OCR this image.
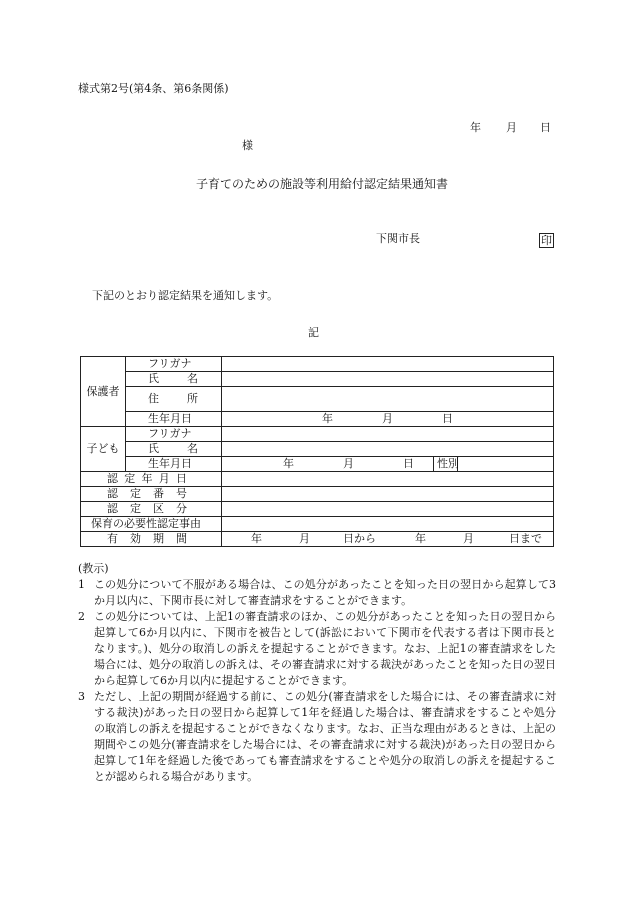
様式第2号(第4条、第6条関係)
年 月 日
様
子育てのための施設等利用給付認定結果通知書
下関市長	印
下記のとおり認定結果を通知します。
記
保護者	フリガナ			
	氏　名			
	住　所			
	生年月日	年 月 日		
子ども	フリガナ			
	氏　名			
	生年月日	年 月 日	性別	
認定年月日				
認定番号				
認定区分				
保育の必要性認定事由				
有効期間		年 月 日から 年 月 日まで		
(教示)
1 この処分について不服がある場合は、この処分があったことを知った日の翌日から起算して3か月以内に、下関市長に対して審査請求をすることができます。

2 この処分については、上記1の審査請求のほか、この処分があったことを知った日の翌日から起算して6か月以内に、下関市を被告として(訴訟において下関市を代表する者は下関市長となります。)、処分の取消しの訴えを提起することができます。なお、上記1の審査請求をした場合には、処分の取消しの訴えは、その審査請求に対する裁決があったことを知った日の翌日から起算して6か月以内に提起することができます。

3 ただし、上記の期間が経過する前に、この処分(審査請求をした場合には、その審査請求に対する裁決)があった日の翌日から起算して1年を経過した場合は、審査請求をすることや処分の取消しの訴えを提起することができなくなります。なお、正当な理由があるときは、上記の期間やこの処分(審査請求をした場合には、その審査請求に対する裁決)があった日の翌日から起算して1年を経過した後であっても審査請求をすることや処分の取消しの訴えを提起することが認められる場合があります。
